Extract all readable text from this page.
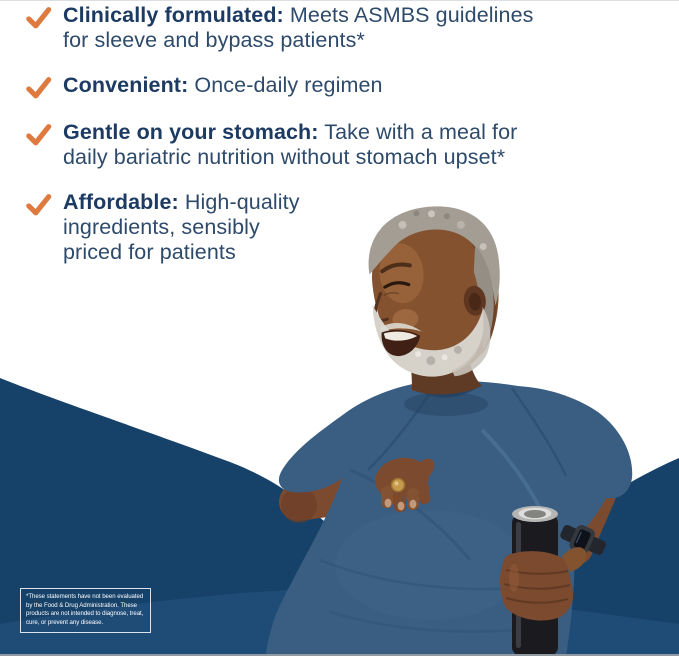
Clinically formulated: Meets ASMBS guidelines
for sleeve and bypass patients*

Convenient: Once-daily regimen

Gentle on your stomach: Take with a meal for
daily bariatric nutrition without stomach upset*

Affordable: High-quality
ingredients, sensibly
priced for patients

*These statements have not been evaluated by the Food & Drug Administration. These products are not intended to diagnose, treat, cure, or prevent any disease.
